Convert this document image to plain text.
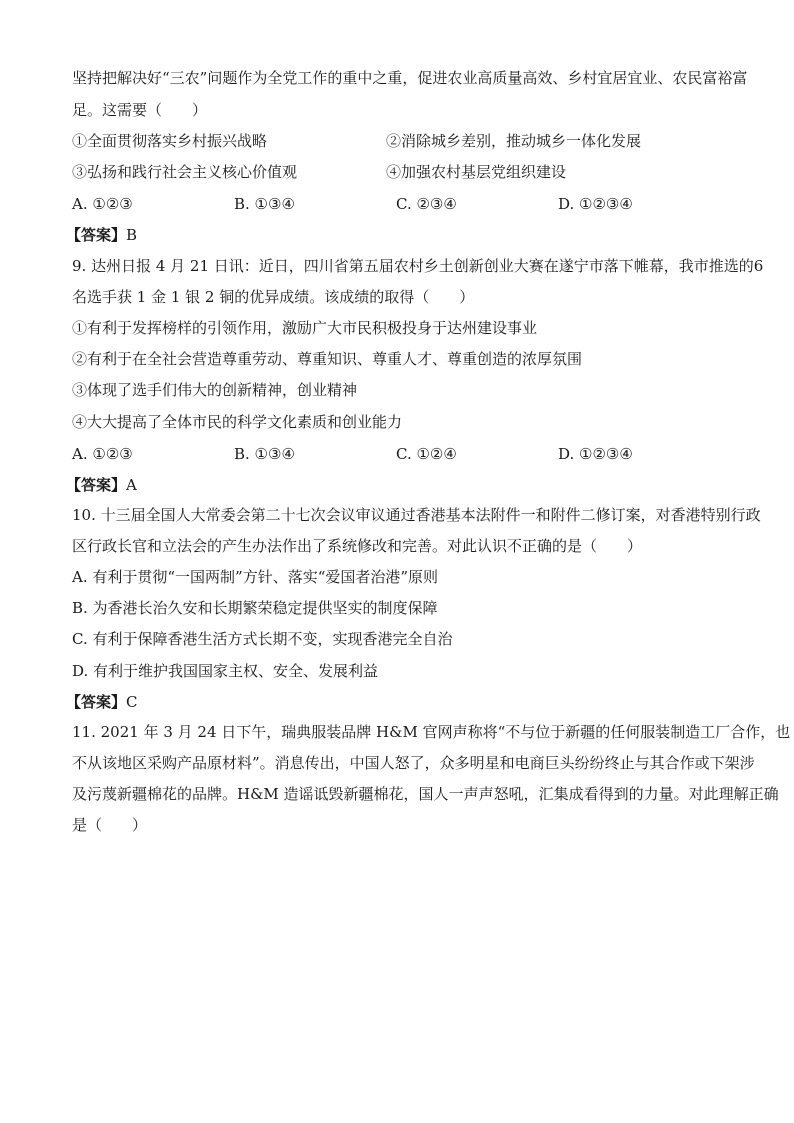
坚持把解决好“三农”问题作为全党工作的重中之重，促进农业高质量高效、乡村宜居宜业、农民富裕富
足。这需要（　　）
①全面贯彻落实乡村振兴战略	②消除城乡差别，推动城乡一体化发展
③弘扬和践行社会主义核心价值观	④加强农村基层党组织建设
A. ①②③	B. ①③④	C. ②③④	D. ①②③④
【答案】B
9. 达州日报 4 月 21 日讯：近日，四川省第五届农村乡土创新创业大赛在遂宁市落下帷幕，我市推选的6
名选手获 1 金 1 银 2 铜的优异成绩。该成绩的取得（　　）
①有利于发挥榜样的引领作用，激励广大市民积极投身于达州建设事业
②有利于在全社会营造尊重劳动、尊重知识、尊重人才、尊重创造的浓厚氛围
③体现了选手们伟大的创新精神，创业精神
④大大提高了全体市民的科学文化素质和创业能力
A. ①②③	B. ①③④	C. ①②④	D. ①②③④
【答案】A
10. 十三届全国人大常委会第二十七次会议审议通过香港基本法附件一和附件二修订案，对香港特别行政
区行政长官和立法会的产生办法作出了系统修改和完善。对此认识不正确的是（　　）
A. 有利于贯彻“一国两制”方针、落实“爱国者治港”原则
B. 为香港长治久安和长期繁荣稳定提供坚实的制度保障
C. 有利于保障香港生活方式长期不变，实现香港完全自治
D. 有利于维护我国国家主权、安全、发展利益
【答案】C
11. 2021 年 3 月 24 日下午，瑞典服装品牌 H&M 官网声称将“不与位于新疆的任何服装制造工厂合作，也
不从该地区采购产品原材料”。消息传出，中国人怒了，众多明星和电商巨头纷纷终止与其合作或下架涉
及污蔑新疆棉花的品牌。H&M 造谣诋毁新疆棉花，国人一声声怒吼，汇集成看得到的力量。对此理解正确
是（　　）
